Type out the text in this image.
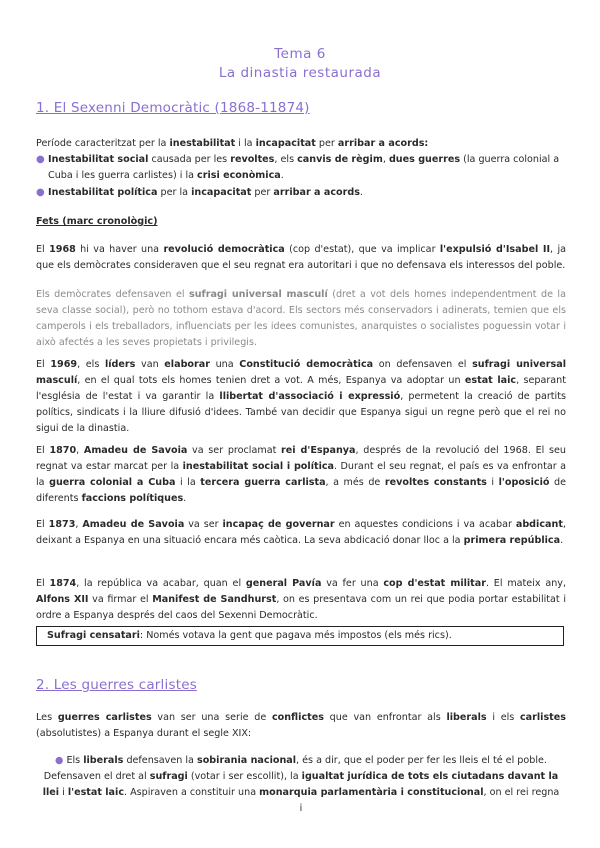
Tema 6
La dinastia restaurada
1. El Sexenni Democràtic (1868-11874)
Període caracteritzat per la inestabilitat i la incapacitat per arribar a acords:
● Inestabilitat social causada per les revoltes, els canvis de règim, dues guerres (la guerra colonial a Cuba i les guerra carlistes) i la crisi econòmica.
● Inestabilitat política per la incapacitat per arribar a acords.
Fets (marc cronològic)
El 1968 hi va haver una revolució democràtica (cop d'estat), que va implicar l'expulsió d'Isabel II, ja que els demòcrates consideraven que el seu regnat era autoritari i que no defensava els interessos del poble.
Els demòcrates defensaven el sufragi universal masculí (dret a vot dels homes independentment de la seva classe social), però no tothom estava d'acord. Els sectors més conservadors i adinerats, temien que els camperols i els treballadors, influenciats per les idees comunistes, anarquistes o socialistes poguessin votar i això afectés a les seves propietats i privilegis.
El 1969, els líders van elaborar una Constitució democràtica on defensaven el sufragi universal masculí, en el qual tots els homes tenien dret a vot. A més, Espanya va adoptar un estat laic, separant l'església de l'estat i va garantir la llibertat d'associació i expressió, permetent la creació de partits polítics, sindicats i la lliure difusió d'idees. També van decidir que Espanya sigui un regne però que el rei no sigui de la dinastia.
El 1870, Amadeu de Savoia va ser proclamat rei d'Espanya, després de la revolució del 1968. El seu regnat va estar marcat per la inestabilitat social i política. Durant el seu regnat, el país es va enfrontar a la guerra colonial a Cuba i la tercera guerra carlista, a més de revoltes constants i l'oposició de diferents faccions polítiques.
El 1873, Amadeu de Savoia va ser incapaç de governar en aquestes condicions i va acabar abdicant, deixant a Espanya en una situació encara més caòtica. La seva abdicació donar lloc a la primera república.
El 1874, la república va acabar, quan el general Pavía va fer una cop d'estat militar. El mateix any, Alfons XII va firmar el Manifest de Sandhurst, on es presentava com un rei que podia portar estabilitat i ordre a Espanya després del caos del Sexenni Democràtic.
Sufragi censatari: Només votava la gent que pagava més impostos (els més rics).
2. Les guerres carlistes
Les guerres carlistes van ser una serie de conflictes que van enfrontar als liberals i els carlistes (absolutistes) a Espanya durant el segle XIX:
● Els liberals defensaven la sobirania nacional, és a dir, que el poder per fer les lleis el té el poble. Defensaven el dret al sufragi (votar i ser escollit), la igualtat jurídica de tots els ciutadans davant la llei i l'estat laic. Aspiraven a constituir una monarquia parlamentària i constitucional, on el rei regna i
